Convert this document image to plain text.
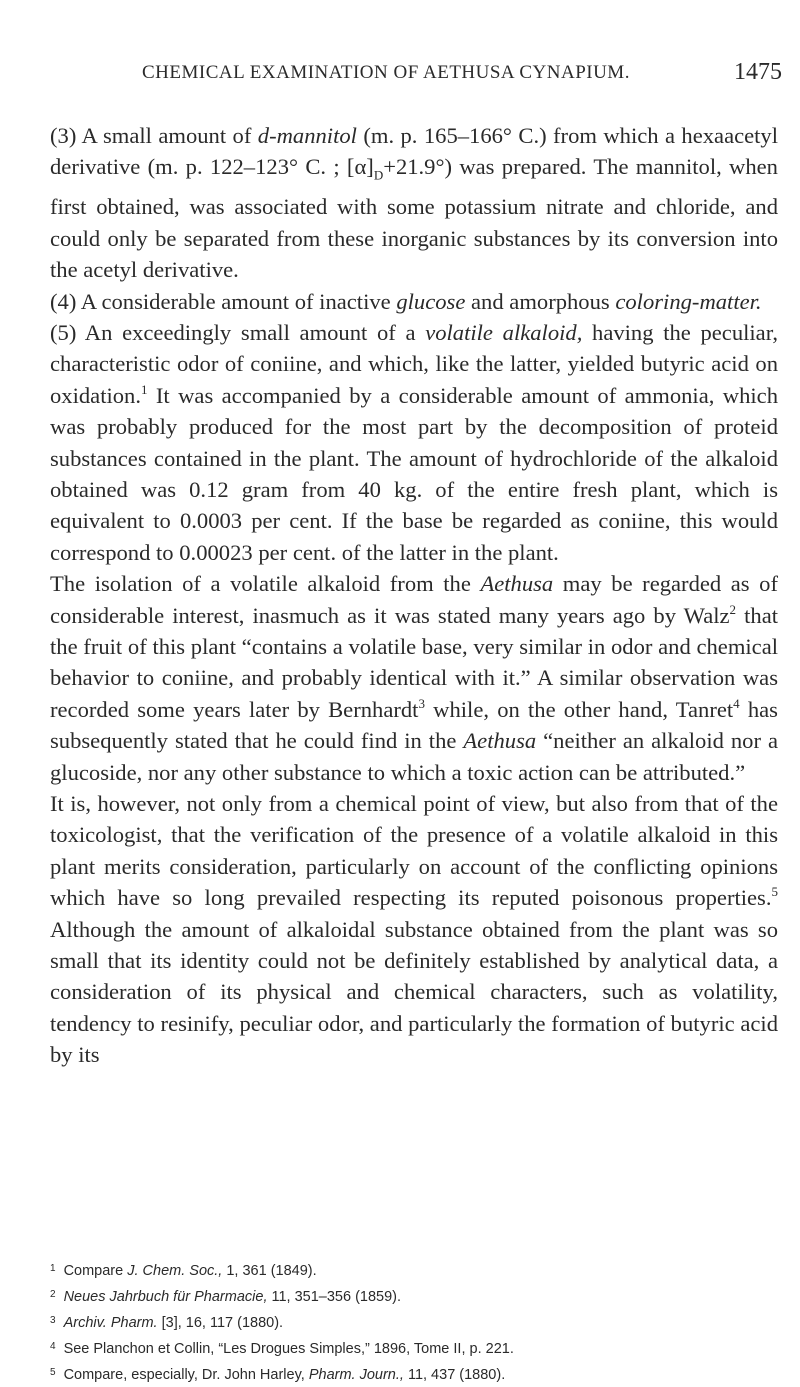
CHEMICAL EXAMINATION OF AETHUSA CYNAPIUM.	1475

(3) A small amount of d-mannitol (m. p. 165–166° C.) from which a hexaacetyl derivative (m. p. 122–123° C. ; $[\alpha]_D+21.9^\circ$) was prepared. The mannitol, when first obtained, was associated with some potassium nitrate and chloride, and could only be separated from these inorganic substances by its conversion into the acetyl derivative.

(4) A considerable amount of inactive glucose and amorphous coloring-matter.

(5) An exceedingly small amount of a volatile alkaloid, having the peculiar, characteristic odor of coniine, and which, like the latter, yielded butyric acid on oxidation.$^1$ It was accompanied by a considerable amount of ammonia, which was probably produced for the most part by the decomposition of proteid substances contained in the plant. The amount of hydrochloride of the alkaloid obtained was 0.12 gram from 40 kg. of the entire fresh plant, which is equivalent to 0.0003 per cent. If the base be regarded as coniine, this would correspond to 0.00023 per cent. of the latter in the plant.

The isolation of a volatile alkaloid from the Aethusa may be regarded as of considerable interest, inasmuch as it was stated many years ago by Walz$^2$ that the fruit of this plant “contains a volatile base, very similar in odor and chemical behavior to coniine, and probably identical with it.” A similar observation was recorded some years later by Bernhardt$^3$ while, on the other hand, Tanret$^4$ has subsequently stated that he could find in the Aethusa “neither an alkaloid nor a glucoside, nor any other substance to which a toxic action can be attributed.”

It is, however, not only from a chemical point of view, but also from that of the toxicologist, that the verification of the presence of a volatile alkaloid in this plant merits consideration, particularly on account of the conflicting opinions which have so long prevailed respecting its reputed poisonous properties.$^5$ Although the amount of alkaloidal substance obtained from the plant was so small that its identity could not be definitely established by analytical data, a consideration of its physical and chemical characters, such as volatility, tendency to resinify, peculiar odor, and particularly the formation of butyric acid by its

$^1$ Compare J. Chem. Soc., 1, 361 (1849).
$^2$ Neues Jahrbuch für Pharmacie, 11, 351–356 (1859).
$^3$ Archiv. Pharm. [3], 16, 117 (1880).
$^4$ See Planchon et Collin, “Les Drogues Simples,” 1896, Tome II, p. 221.
$^5$ Compare, especially, Dr. John Harley, Pharm. Journ., 11, 437 (1880).
